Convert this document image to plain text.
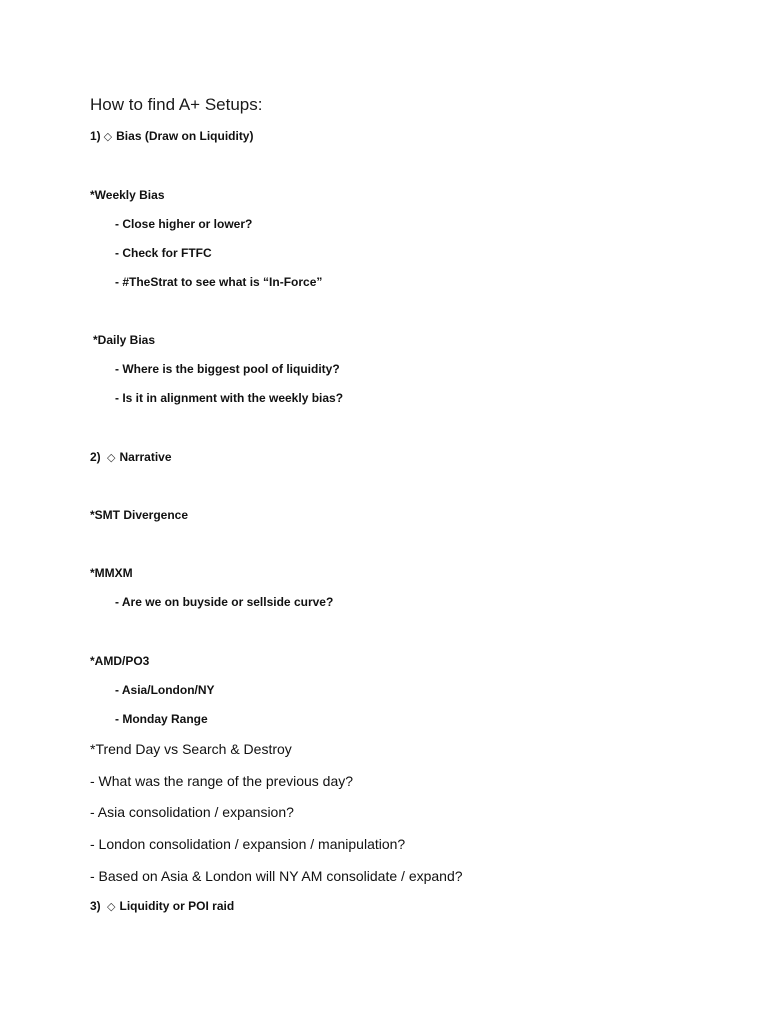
How to find A+ Setups:
1) ◇ Bias (Draw on Liquidity)
*Weekly Bias
- Close higher or lower?
- Check for FTFC
- #TheStrat to see what is “In-Force”
*Daily Bias
- Where is the biggest pool of liquidity?
- Is it in alignment with the weekly bias?
2) ◇ Narrative
*SMT Divergence
*MMXM
- Are we on buyside or sellside curve?
*AMD/PO3
- Asia/London/NY
- Monday Range
*Trend Day vs Search & Destroy
- What was the range of the previous day?
- Asia consolidation / expansion?
- London consolidation / expansion / manipulation?
- Based on Asia & London will NY AM consolidate / expand?
3) ◇ Liquidity or POI raid
